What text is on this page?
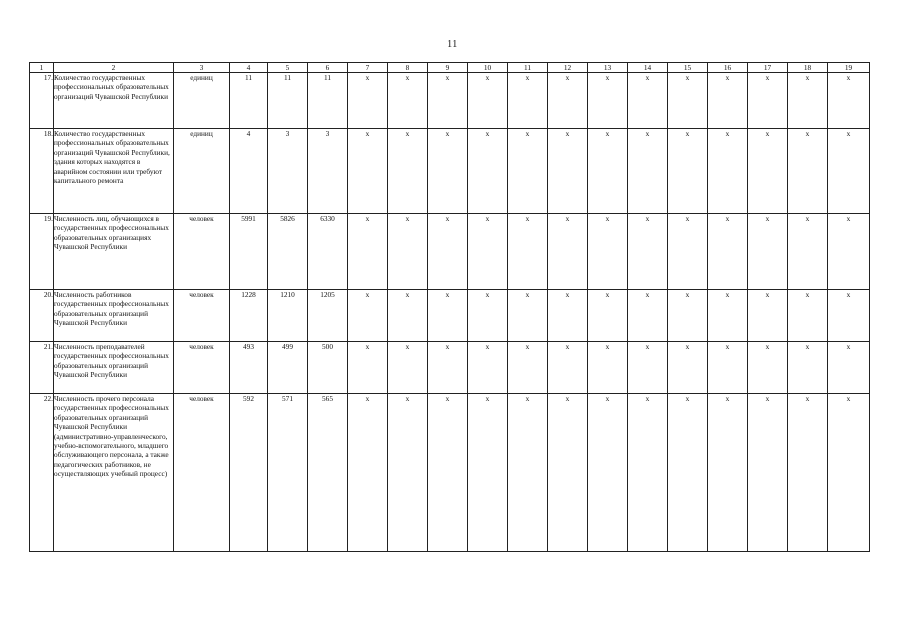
11
1	2	3	4	5	6	7	8	9	10	11	12	13	14	15	16	17	18	19
17.	Количество государственных профессиональных образовательных организаций Чувашской Республики	единиц	11	11	11	x	x	x	x	x	x	x	x	x	x	x	x	x
18.	Количество государственных профессиональных образовательных организаций Чувашской Республики, здания которых находятся в аварийном состоянии или требуют капитального ремонта	единиц	4	3	3	x	x	x	x	x	x	x	x	x	x	x	x	x
19.	Численность лиц, обучающихся в государственных профессиональных образовательных организациях Чувашской Республики	человек	5991	5826	6330	x	x	x	x	x	x	x	x	x	x	x	x	x
20.	Численность работников государственных профессиональных образовательных организаций Чувашской Республики	человек	1228	1210	1205	x	x	x	x	x	x	x	x	x	x	x	x	x
21.	Численность преподавателей государственных профессиональных образовательных организаций Чувашской Республики	человек	493	499	500	x	x	x	x	x	x	x	x	x	x	x	x	x
22.	Численность прочего персонала государственных профессиональных образовательных организаций Чувашской Республики (административно-управленческого, учебно-вспомогательного, младшего обслуживающего персонала, а также педагогических работников, не осуществляющих учебный процесс)	человек	592	571	565	x	x	x	x	x	x	x	x	x	x	x	x	x
